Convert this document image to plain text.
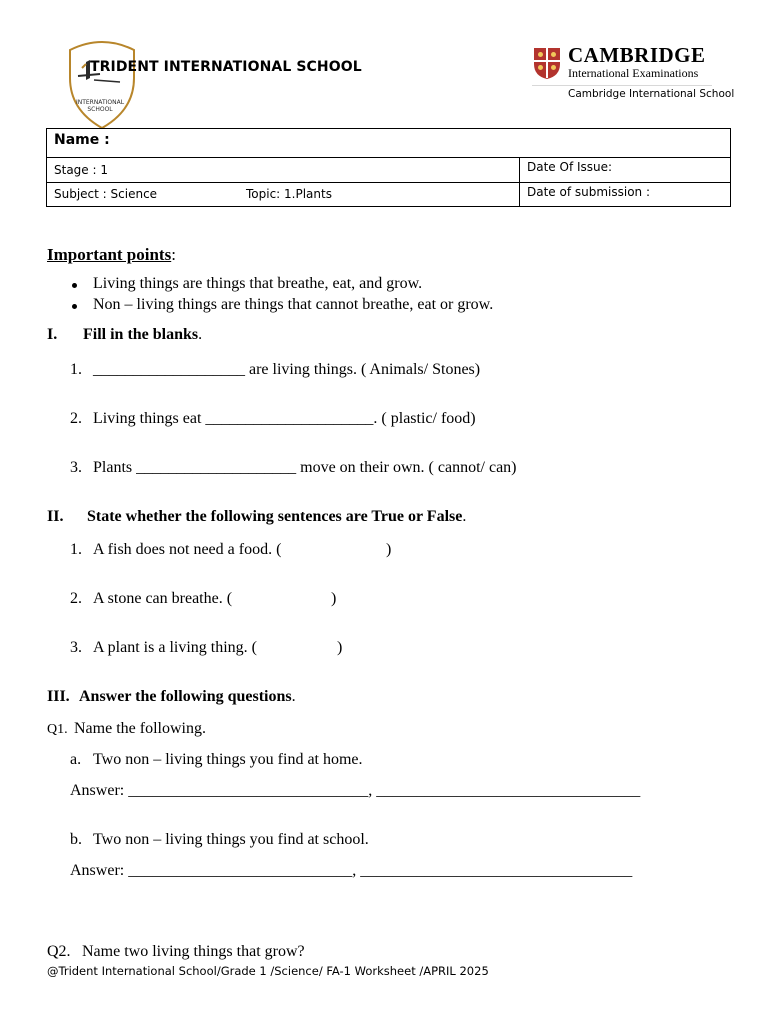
INTERNATIONAL
SCHOOL
TRIDENT INTERNATIONAL SCHOOL	CAMBRIDGE
International Examinations
Cambridge International School
Name :
Stage : 1	Date Of Issue:
Subject : Science	Topic: 1.Plants	Date of submission :
Important points:
Living things are things that breathe, eat, and grow.
Non – living things are things that cannot breathe, eat or grow.
I. Fill in the blanks.
1. ___________________ are living things. ( Animals/ Stones)
2. Living things eat _____________________. ( plastic/ food)
3. Plants ____________________ move on their own. ( cannot/ can)
II. State whether the following sentences are True or False.
1. A fish does not need a food. (	)
2. A stone can breathe. (	)
3. A plant is a living thing. (	)
III. Answer the following questions.
Q1. Name the following.
a. Two non – living things you find at home.
Answer: ______________________________, _________________________________
b. Two non – living things you find at school.
Answer: ____________________________, __________________________________
Q2. Name two living things that grow?
@Trident International School/Grade 1 /Science/ FA-1 Worksheet /APRIL 2025
